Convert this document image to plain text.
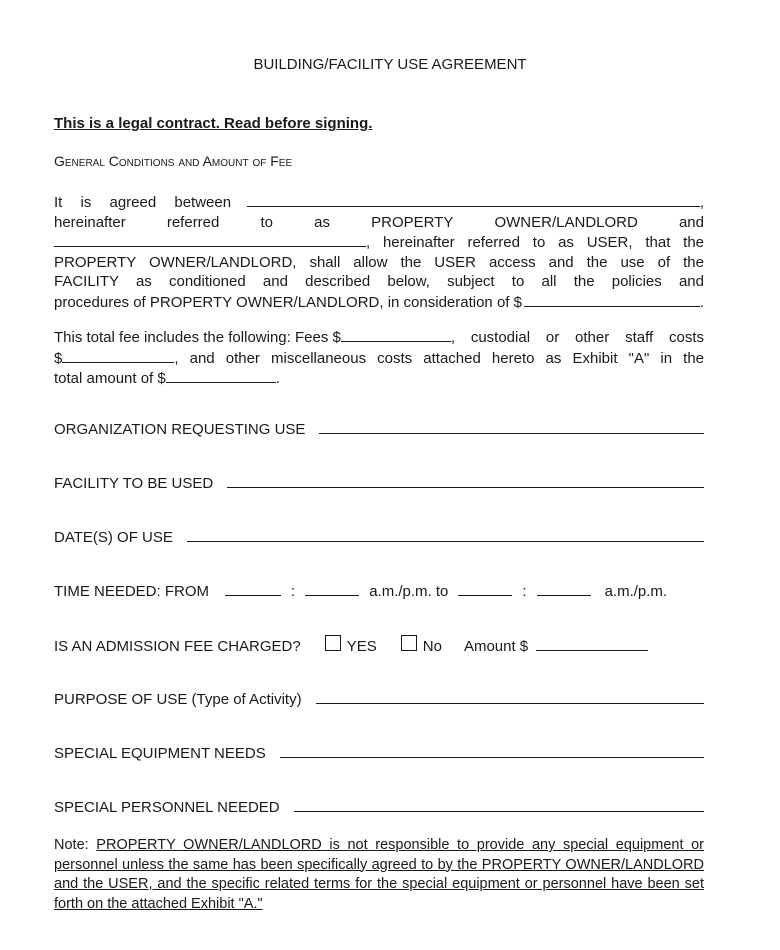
BUILDING/FACILITY USE AGREEMENT
This is a legal contract. Read before signing.
General Conditions and Amount of Fee
It is agreed between	,
hereinafter	referred	to	as	PROPERTY	OWNER/LANDLORD	and
, hereinafter referred to as USER, that the
PROPERTY OWNER/LANDLORD, shall allow the USER access and the use of the
FACILITY as conditioned and described below, subject to all the policies and
procedures of PROPERTY OWNER/LANDLORD, in consideration of $	.
This total fee includes the following: Fees $	, custodial or other staff costs
$	, and other miscellaneous costs attached hereto as Exhibit "A" in the
total amount of $	.
ORGANIZATION REQUESTING USE
FACILITY TO BE USED
DATE(S) OF USE
TIME NEEDED: FROM	:	a.m./p.m. to	:	a.m./p.m.
IS AN ADMISSION FEE CHARGED?	YES	No Amount $
PURPOSE OF USE (Type of Activity)
SPECIAL EQUIPMENT NEEDS
SPECIAL PERSONNEL NEEDED
Note: PROPERTY OWNER/LANDLORD is not responsible to provide any special equipment or personnel unless the same has been specifically agreed to by the PROPERTY OWNER/LANDLORD and the USER, and the specific related terms for the special equipment or personnel have been set forth on the attached Exhibit "A."
